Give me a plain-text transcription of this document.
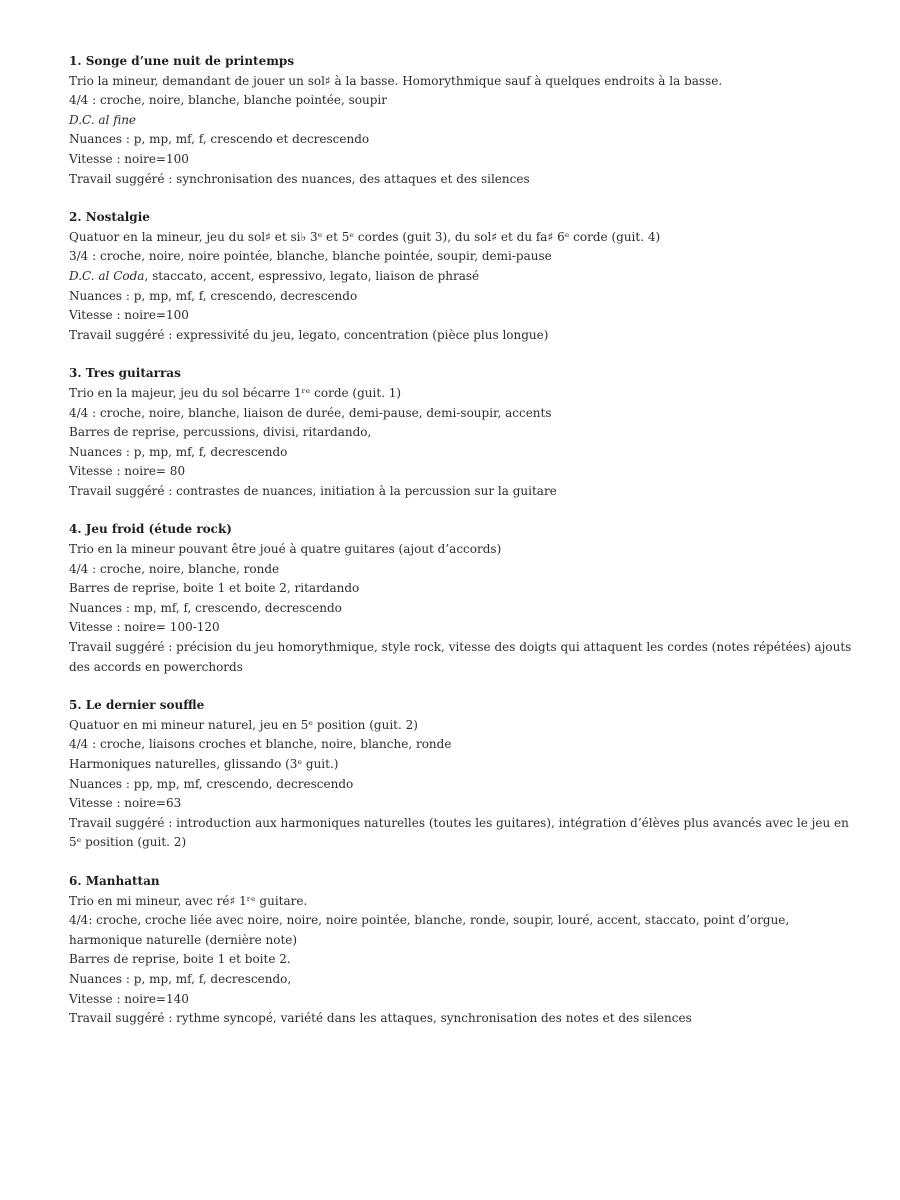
1. Songe d’une nuit de printemps
Trio la mineur, demandant de jouer un sol♯ à la basse. Homorythmique sauf à quelques endroits à la basse.
4/4 : croche, noire, blanche, blanche pointée, soupir
D.C. al fine
Nuances : p, mp, mf, f, crescendo et decrescendo
Vitesse : noire=100
Travail suggéré : synchronisation des nuances, des attaques et des silences
2. Nostalgie
Quatuor en la mineur, jeu du sol♯ et si♭ 3ᵉ et 5ᵉ cordes (guit 3), du sol♯ et du fa♯ 6ᵉ corde (guit. 4)
3/4 : croche, noire, noire pointée, blanche, blanche pointée, soupir, demi-pause
D.C. al Coda, staccato, accent, espressivo, legato, liaison de phrasé
Nuances : p, mp, mf, f, crescendo, decrescendo
Vitesse : noire=100
Travail suggéré : expressivité du jeu, legato, concentration (pièce plus longue)
3. Tres guitarras
Trio en la majeur, jeu du sol bécarre 1ʳᵉ corde (guit. 1)
4/4 : croche, noire, blanche, liaison de durée, demi-pause, demi-soupir, accents
Barres de reprise, percussions, divisi, ritardando,
Nuances : p, mp, mf, f, decrescendo
Vitesse : noire= 80
Travail suggéré : contrastes de nuances, initiation à la percussion sur la guitare
4. Jeu froid (étude rock)
Trio en la mineur pouvant être joué à quatre guitares (ajout d’accords)
4/4 : croche, noire, blanche, ronde
Barres de reprise, boite 1 et boite 2, ritardando
Nuances : mp, mf, f, crescendo, decrescendo
Vitesse : noire= 100-120
Travail suggéré : précision du jeu homorythmique, style rock, vitesse des doigts qui attaquent les cordes (notes répétées) ajouts des accords en powerchords
5. Le dernier souffle
Quatuor en mi mineur naturel, jeu en 5ᵉ position (guit. 2)
4/4 : croche, liaisons croches et blanche, noire, blanche, ronde
Harmoniques naturelles, glissando (3ᵉ guit.)
Nuances : pp, mp, mf, crescendo, decrescendo
Vitesse : noire=63
Travail suggéré : introduction aux harmoniques naturelles (toutes les guitares), intégration d’élèves plus avancés avec le jeu en 5ᵉ position (guit. 2)
6. Manhattan
Trio en mi mineur, avec ré♯ 1ʳᵉ guitare.
4/4: croche, croche liée avec noire, noire, noire pointée, blanche, ronde, soupir, louré, accent, staccato, point d’orgue, harmonique naturelle (dernière note)
Barres de reprise, boite 1 et boite 2.
Nuances : p, mp, mf, f, decrescendo,
Vitesse : noire=140
Travail suggéré : rythme syncopé, variété dans les attaques, synchronisation des notes et des silences
